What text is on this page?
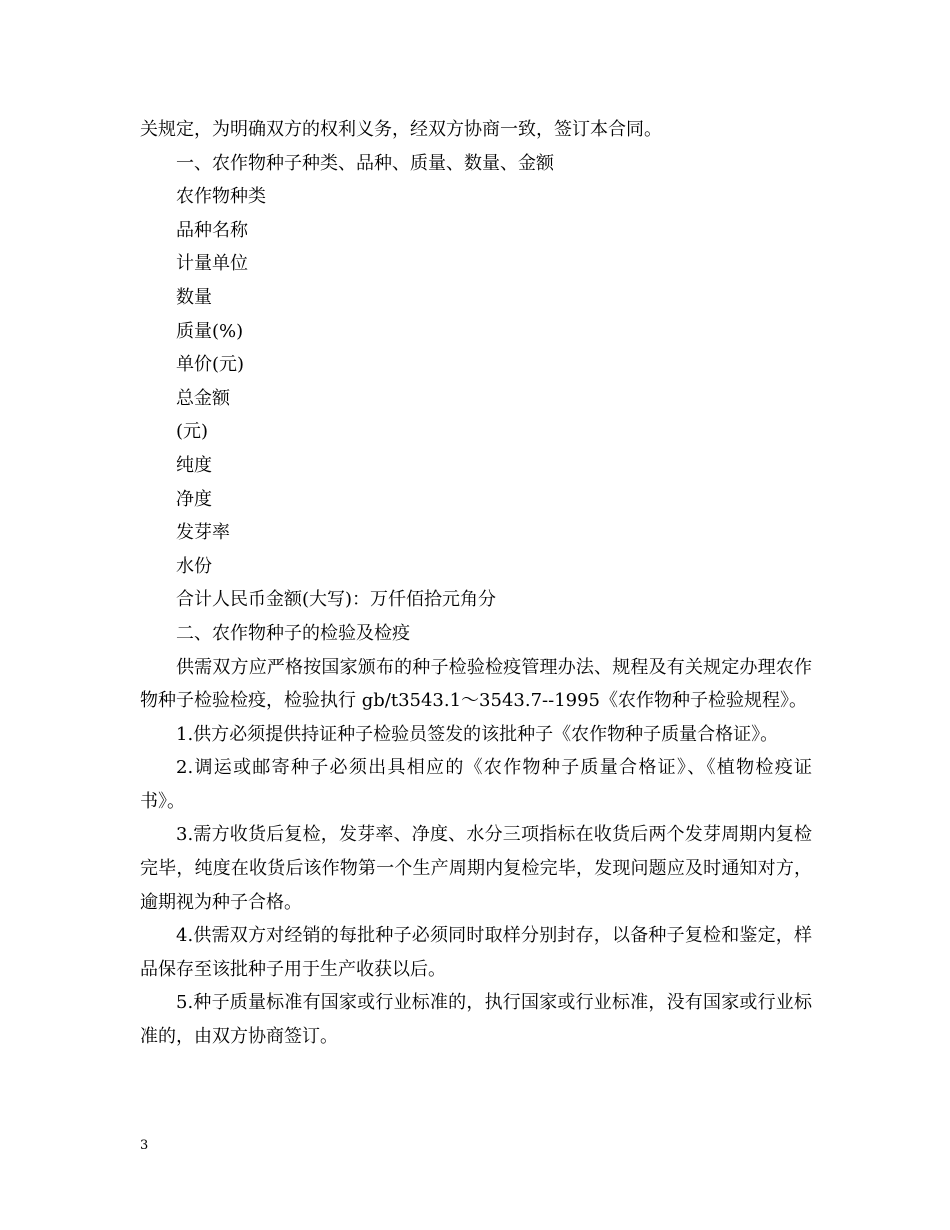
关规定，为明确双方的权利义务，经双方协商一致，签订本合同。

一、农作物种子种类、品种、质量、数量、金额

农作物种类

品种名称

计量单位

数量

质量(%)

单价(元)

总金额

(元)

纯度

净度

发芽率

水份

合计人民币金额(大写)：万仟佰拾元角分

二、农作物种子的检验及检疫

供需双方应严格按国家颁布的种子检验检疫管理办法、规程及有关规定办理农作物种子检验检疫，检验执行 gb/t3543.1～3543.7--1995《农作物种子检验规程》。

1.供方必须提供持证种子检验员签发的该批种子《农作物种子质量合格证》。

2.调运或邮寄种子必须出具相应的《农作物种子质量合格证》、《植物检疫证书》。

3.需方收货后复检，发芽率、净度、水分三项指标在收货后两个发芽周期内复检完毕，纯度在收货后该作物第一个生产周期内复检完毕，发现问题应及时通知对方，逾期视为种子合格。

4.供需双方对经销的每批种子必须同时取样分别封存，以备种子复检和鉴定，样品保存至该批种子用于生产收获以后。

5.种子质量标准有国家或行业标准的，执行国家或行业标准，没有国家或行业标准的，由双方协商签订。

3
